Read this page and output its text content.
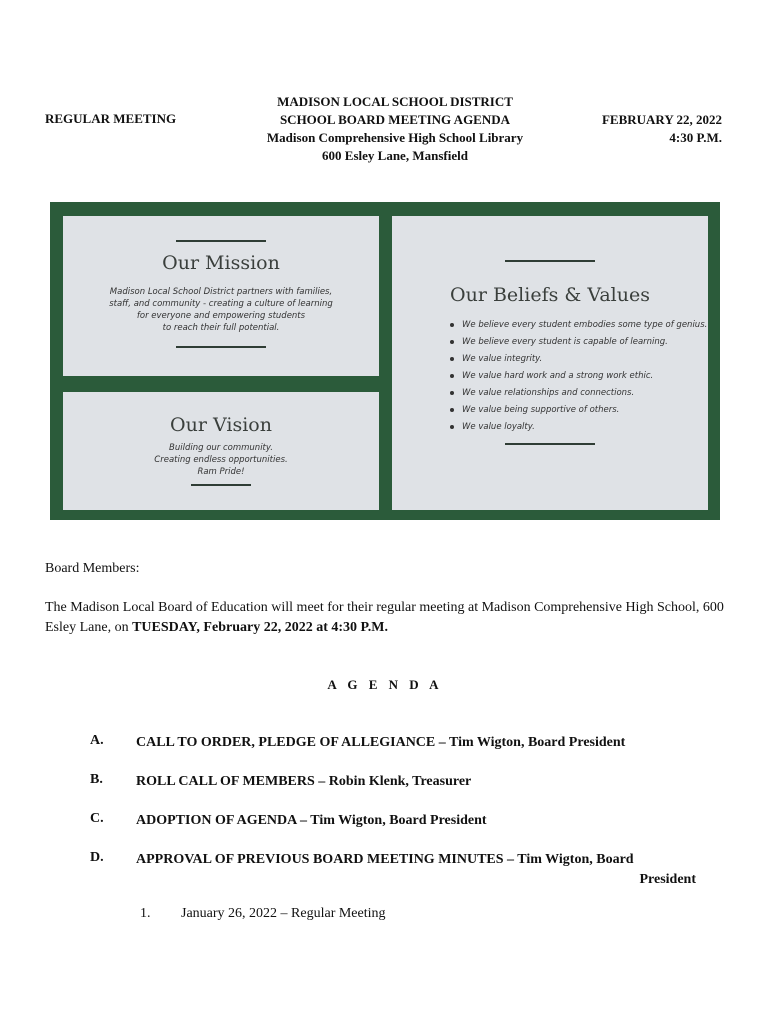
REGULAR MEETING
MADISON LOCAL SCHOOL DISTRICT
SCHOOL BOARD MEETING AGENDA
Madison Comprehensive High School Library
600 Esley Lane, Mansfield
FEBRUARY 22, 2022
4:30 P.M.
Our Mission
Madison Local School District partners with families,
staff, and community - creating a culture of learning
for everyone and empowering students
to reach their full potential.
Our Vision
Building our community.
Creating endless opportunities.
Ram Pride!
Our Beliefs & Values
We believe every student embodies some type of genius.
We believe every student is capable of learning.
We value integrity.
We value hard work and a strong work ethic.
We value relationships and connections.
We value being supportive of others.
We value loyalty.
Board Members:
The Madison Local Board of Education will meet for their regular meeting at Madison Comprehensive High School, 600 Esley Lane, on TUESDAY, February 22, 2022 at 4:30 P.M.
A G E N D A
A. CALL TO ORDER, PLEDGE OF ALLEGIANCE – Tim Wigton, Board President
B. ROLL CALL OF MEMBERS – Robin Klenk, Treasurer
C. ADOPTION OF AGENDA – Tim Wigton, Board President
D. APPROVAL OF PREVIOUS BOARD MEETING MINUTES – Tim Wigton, Board
President
1. January 26, 2022 – Regular Meeting
